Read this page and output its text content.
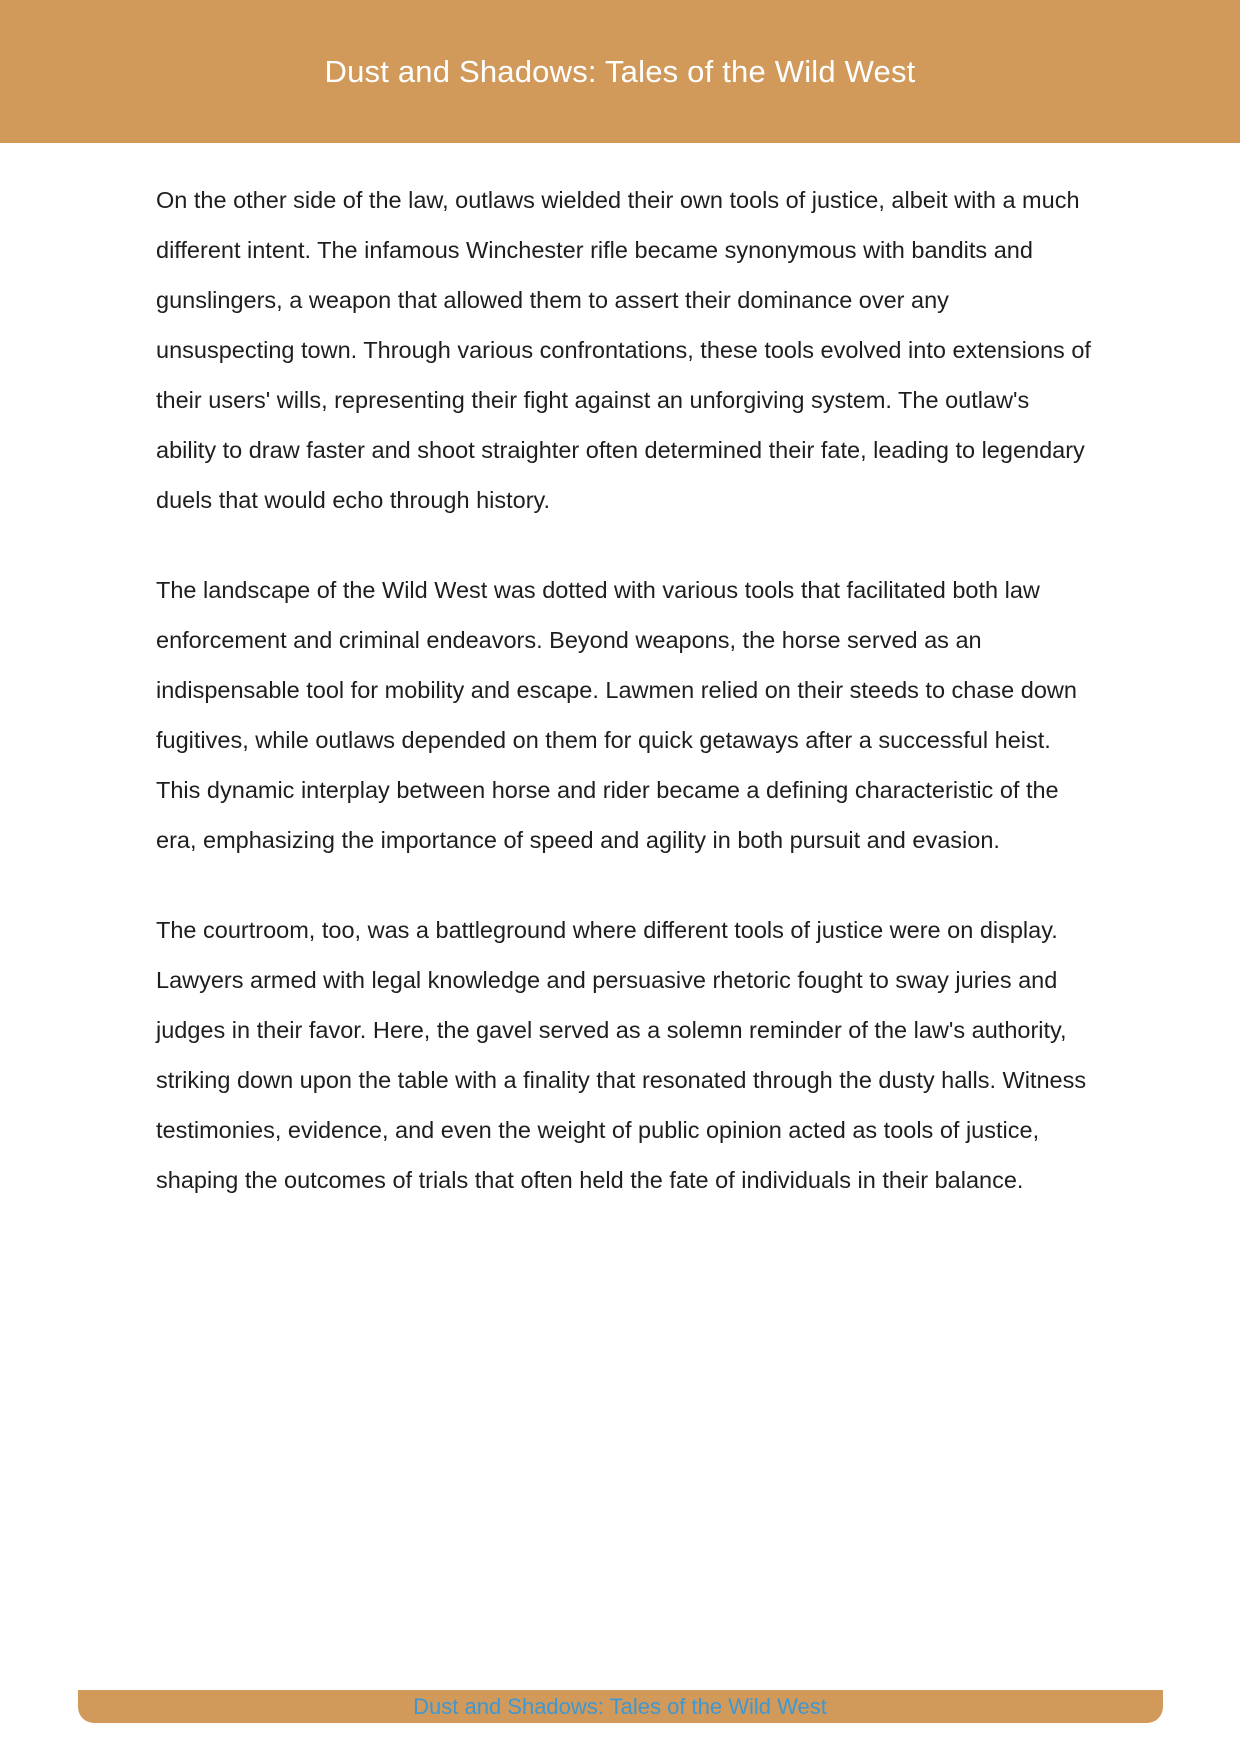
Dust and Shadows: Tales of the Wild West

On the other side of the law, outlaws wielded their own tools of justice, albeit with a much different intent. The infamous Winchester rifle became synonymous with bandits and gunslingers, a weapon that allowed them to assert their dominance over any unsuspecting town. Through various confrontations, these tools evolved into extensions of their users' wills, representing their fight against an unforgiving system. The outlaw's ability to draw faster and shoot straighter often determined their fate, leading to legendary duels that would echo through history.

The landscape of the Wild West was dotted with various tools that facilitated both law enforcement and criminal endeavors. Beyond weapons, the horse served as an indispensable tool for mobility and escape. Lawmen relied on their steeds to chase down fugitives, while outlaws depended on them for quick getaways after a successful heist. This dynamic interplay between horse and rider became a defining characteristic of the era, emphasizing the importance of speed and agility in both pursuit and evasion.

The courtroom, too, was a battleground where different tools of justice were on display. Lawyers armed with legal knowledge and persuasive rhetoric fought to sway juries and judges in their favor. Here, the gavel served as a solemn reminder of the law's authority, striking down upon the table with a finality that resonated through the dusty halls. Witness testimonies, evidence, and even the weight of public opinion acted as tools of justice, shaping the outcomes of trials that often held the fate of individuals in their balance.

Dust and Shadows: Tales of the Wild West
